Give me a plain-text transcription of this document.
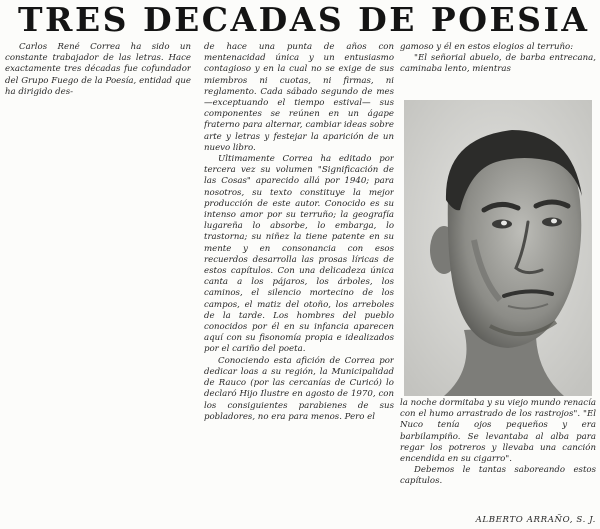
TRES DECADAS DE POESIA

Carlos René Correa ha sido un constante trabajador de las letras. Hace exactamente tres décadas fue cofundador del Grupo Fuego de la Poesía, entidad que ha dirigido des-

de hace una punta de años con mentenacidad única y un entusiasmo contagioso y en la cual no se exige de sus miembros ni cuotas, ni firmas, ni reglamento. Cada sábado segundo de mes —exceptuando el tiempo estival— sus componentes se reúnen en un ágape fraterno para alternar, cambiar ideas sobre arte y letras y festejar la aparición de un nuevo libro.

Ultimamente Correa ha editado por tercera vez su volumen "Significación de las Cosas" aparecido allá por 1940; para nosotros, su texto constituye la mejor producción de este autor. Conocido es su intenso amor por su terruño; la geografía lugareña lo absorbe, lo embarga, lo trastorna; su niñez la tiene patente en su mente y en consonancia con esos recuerdos desarrolla las prosas líricas de estos capítulos. Con una delicadeza única canta a los pájaros, los árboles, los caminos, el silencio mortecino de los campos, el matiz del otoño, los arreboles de la tarde. Los hombres del pueblo conocidos por él en su infancia aparecen aquí con su fisonomía propia e idealizados por el cariño del poeta.

Conociendo esta afición de Correa por dedicar loas a su región, la Municipalidad de Rauco (por las cercanías de Curicó) lo declaró Hijo Ilustre en agosto de 1970, con los consiguientes parabienes de sus pobladores, no era para menos. Pero el

gamoso y él en estos elogios al terruño:

"El señorial abuelo, de barba entrecana, caminaba lento, mientras

la noche dormitaba y su viejo mundo renacía con el humo arrastrado de los rastrojos". "El Nuco tenía ojos pequeños y era barbilampiño. Se levantaba al alba para regar los potreros y llevaba una canción encendida en su cigarro".

Debemos le tantas saboreando estos capítulos.

ALBERTO ARRAÑO, S. J.
